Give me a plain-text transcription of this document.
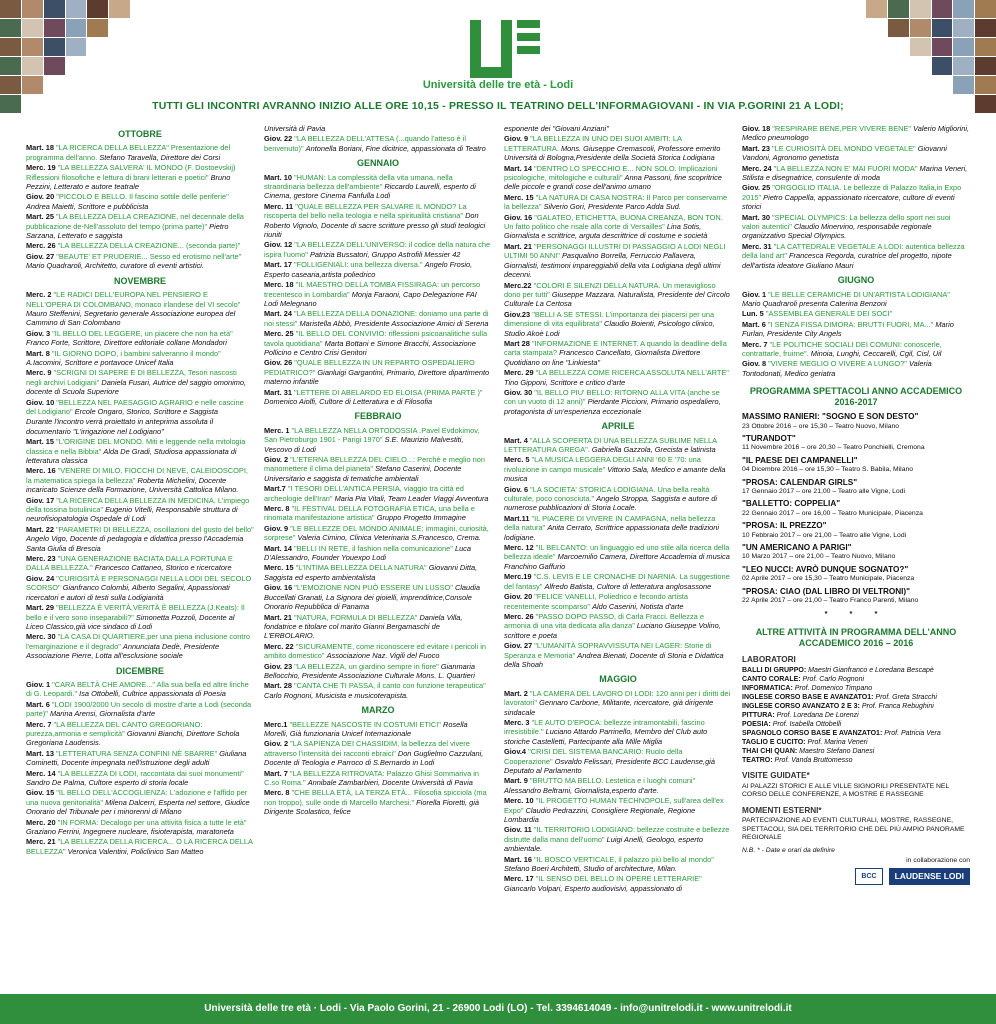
Università delle tre età - Lodi
TUTTI GLI INCONTRI AVRANNO INIZIO ALLE ORE 10,15 - PRESSO IL TEATRINO DELL'INFORMAGIOVANI - IN VIA P.GORINI 21 A LODI;
OTTOBRE
Mart. 18 "LA RICERCA DELLA BELLEZZA" Presentazione del programma dell'anno. Stefano Taravella, Direttore dei Corsi
Merc. 19 "LA BELLEZZA SALVERA' IL MONDO (F. Dostoevskij) Riflessioni filosofiche e lettura di brani letterari e poetici" Bruno Pezzini, Letterato e autore teatrale
Giov. 20 "PICCOLO E BELLO. Il fascino sottile delle periferie" Andrea Maietti, Scrittore e pubblicista
Mart. 25 "LA BELLEZZA DELLA CREAZIONE, nel decennale della pubblicazione de-Nell'assoluto del tempo (prima parte)" Pietro Sarzana, Letterato e saggista
Merc. 26 "LA BELLEZZA DELLA CREAZIONE... (seconda parte)"
Giov. 27 "BEAUTE' ET PRUDERIE... Sesso ed erotismo nell'arte" Mario Quadraroli, Architetto, curatore di eventi artistici.
NOVEMBRE
Merc. 2 "LE RADICI DELL'EUROPA NEL PENSIERO E NELL'OPERA DI COLOMBANO, monaco irlandese del VI secolo" Mauro Steffenini, Segretario generale Associazione europea del Cammino di San Colombano
Giov. 3 "IL BELLO DEL LEGGERE, un piacere che non ha età" Franco Forte, Scrittore, Direttore editoriale collane Mondadori
Mart. 8 "IL GIORNO DOPO, i bambini salveranno il mondo" A.Iacomini, Scrittore e portavoce Unicef Italia
Merc. 9 "SCRIGNI DI SAPERE E DI BELLEZZA, Tesori nascosti negli archivi Lodigiani" Daniela Fusari, Autrice del saggio omonimo, docente di Scuola Superiore
Giov. 10 "BELLEZZA NEL PAESAGGIO AGRARIO e nelle cascine del Lodigiano" Ercole Ongaro, Storico, Scrittore e Saggista
Durante l'incontro verrà proiettato in anteprima assoluta il documentario "L'irrigazione nel Lodigiano"
Mart. 15 "L'ORIGINE DEL MONDO. Miti e leggende nella mitologia classica e nella Bibbia" Alda De Gradi, Studiosa appassionata di letteratura classica
Merc. 16 "VENERE DI MILO, FIOCCHI DI NEVE, CALEIDOSCOPI, la matematica spiega la bellezza" Roberta Michelini, Docente incaricato Scienze della Formazione, Università Cattolica Milano.
Giov. 17 "LA RICERCA DELLA BELLEZZA IN MEDICINA. L'impiego della tossina botulinica" Eugenio Vitelli, Responsabile struttura di neurofisiopatologia Ospedale di Lodi
Mart. 22 "PARAMETRI DI BELLEZZA, oscillazioni del gusto del bello" Angelo Vigo, Docente di pedagogia e didattica presso l'Accademia Santa Giulia di Brescia
Merc. 23 "UNA GENERAZIONE BACIATA DALLA FORTUNA E DALLA BELLEZZA." Francesco Cattaneo, Storico e ricercatore
Giov. 24 "CURIOSITÀ E PERSONAGGI NELLA LODI DEL SECOLO SCORSO" Gianfranco Colombi, Alberto Segalini, Appassionati ricercatori e autori di testi sulla Lodigianità
Mart. 29 "BELLEZZA È VERITÀ,VERITÀ È BELLEZZA (J.Keats): Il bello e il vero sono inseparabili?" Simonetta Pozzoli, Docente al Liceo Classico,già vice sindaco di Lodi
Merc. 30 "LA CASA DI QUARTIERE,per una piena inclusione contro l'emarginazione e il degrado" Annunciata Dedè, Presidente Associazione Pierre, Lotta all'esclusione sociale
DICEMBRE
Giov. 1 "CARA BELTÀ CHE AMORE..." Alla sua bella ed altre liriche di G. Leopardi." Isa Ottobelli, Cultrice appassionata di Poesia
Mart. 6 "LODI 1900/2000 Un secolo di mostre d'arte a Lodi (seconda parte)" Marina Arensi, Giornalista d'arte
Merc. 7 "LA BELLEZZA DEL CANTO GREGORIANO: purezza,armonia e semplicità" Giovanni Bianchi, Direttore Schola Gregoriana Laudensis.
Mart. 13 "LETTERATURA SENZA CONFINI NÈ SBARRE" Giuliana Cominetti, Docente impegnata nell'istruzione degli adulti
Merc. 14 "LA BELLEZZA DI LODI, raccontata dai suoi monumenti" Sandro De Palma, Cultore esperto di storia locale
Giov. 15 "IL BELLO DELL'ACCOGLIENZA: L'adozione e l'affido per una nuova genitorialità" Milena Dalcerri, Esperta nel settore, Giudice Onorario del Tribunale per i minorenni di Milano
Merc. 20 "IN FORMA: Decalogo per una attività fisica a tutte le età" Graziano Ferrini, Ingegnere nucleare, fisioterapista, maratoneta
Merc. 21 "LA BELLEZZA DELLA RICERCA... O LA RICERCA DELLA BELLEZZA" Veronica Valentini, Policlinico San Matteo
Università di Pavia
Giov. 22 "LA BELLEZZA DELL'ATTESA (...quando l'atteso è il benvenuto)" Antonella Boriani, Fine dicitrice, appassionata di Teatro
GENNAIO
Mart. 10 "HUMAN: La complessità della vita umana, nella straordinaria bellezza dell'ambiente" Riccardo Laurelli, esperto di Cinema, gestore Cinema Fanfulla Lodi
Merc. 11 "QUALE BELLEZZA PER SALVARE IL MONDO? La riscoperta del bello nella teologia e nella spiritualità cristiana" Don Roberto Vignolo, Docente di sacre scritture presso gli studi teologici riuniti
Giov. 12 "LA BELLEZZA DELL'UNIVERSO: il codice della natura che ispira l'uomo" Patrizia Bussatori, Gruppo Astrofili Messier 42
Mart. 17 "FOLLIGENIALI: una bellezza diversa." Angelo Frosio, Esperto casearia,artista poliedrico
Merc. 18 "IL MAESTRO DELLA TOMBA FISSIRAGA: un percorso trecentesco in Lombardia" Monja Faraoni, Capo Delegazione FAI Lodi Melegnano
Mart. 24 "LA BELLEZZA DELLA DONAZIONE: doniamo una parte di noi stessi" Maristella Abbò, Presidente Associazione Amici di Serena
Merc. 25 "IL BELLO DEL CONVIVIO: riflessioni psicoanalitiche sulla tavola quotidiana" Marta Bottani e Simone Bracchi, Associazione Pollicino e Centro Crisi Genitori
Giov. 26 "QUALE BELLEZZA IN UN REPARTO OSPEDALIERO PEDIATRICO?" Gianluigi Gargantini, Primario, Direttore dipartimento materno infantile
Mart. 31 "LETTERE DI ABELARDO ED ELOISA (PRIMA PARTE )" Domenico Aiolfi, Cultore di Letteratura e di Filosofia
FEBBRAIO
Merc. 1 "LA BELLEZZA NELLA ORTODOSSIA .Pavel Evdokimov, San Pietroburgo 1901 - Parigi 1970" S.E. Maurizio Malvestiti, Vescovo di Lodi
Giov. 2 "L'ETERNA BELLEZZA DEL CIELO...: Perchè e meglio non manomettere il clima del pianeta" Stefano Caserini, Docente Universitario e saggista di tematiche ambientali
Mart.7 "I TESORI DELL'ANTICA PERSIA, viaggio tra città ed archeologie dell'Iran" Maria Pia Vitali, Team Leader Viaggi Avventura
Merc. 8 "IL FESTIVAL DELLA FOTOGRAFIA ETICA, una bella e rinomata manifestazione artistica" Gruppo Progetto Immagine
Giov. 9 "LE BELLEZZE DEL MONDO ANIMALE: immagini, curiosità, sorprese" Valeria Cimino, Clinica Veterinaria S.Francesco, Crema.
Mart. 14 "BELLI IN RETE, il fashion nella comunicazione" Luca D'Alessandro, Founder Youexpo Lodi
Merc. 15 "L'INTIMA BELLEZZA DELLA NATURA" Giovanni Ditta, Saggista ed esperto ambientalista
Giov. 16 "L'EMOZIONE NON PUÒ ESSERE UN LUSSO" Claudia Buccellati Granati, La Signora dei gioielli, imprenditrice,Console Onorario Repubblica di Panama
Mart. 21 "NATURA, FORMULA DI BELLEZZA" Daniela Villa, fondatrice e titolare col marito Gianni Bergamaschi de L'ERBOLARIO.
Merc. 22 "SICURAMENTE, come riconoscere ed evitare i pericoli in ambito domestico" Associazione Naz. Vigili del Fuoco
Giov. 23 "LA BELLEZZA, un giardino sempre in fiore" Gianmaria Bellocchio, Presidente Associazione Culturale Mons. L. Quartieri
Mart. 28 "CANTA CHE TI PASSA, il canto con funzione terapeutica" Carlo Rognoni, Musicista e musicoterapista.
MARZO
Merc.1 "BELLEZZE NASCOSTE IN COSTUMI ETICI" Rosella Morelli, Già funzionaria Unicef Internazionale
Giov. 2 "LA SAPIENZA DEI CHASSIDIM, la bellezza del vivere attraverso l'intensità dei racconti ebraici" Don Guglielmo Cazzulani, Docente di Teologia e Parroco di S.Bernardo in Lodi
Mart. 7 "LA BELLEZZA RITROVATA: Palazzo Ghisi Sommariva in C.so Roma." Annibale Zambarbieri, Docente Università di Pavia
Merc. 8 "CHE BELLA ETÀ, LA TERZA ETÀ... Filosofia spicciola (ma non troppo), sulle onde di Marcello Marchesi." Fiorella Fioretti, già Dirigente Scolastico, felice
esponente dei "Giovani Anziani"
Giov. 9 "LA BELLEZZA IN UNO DEI SUOI AMBITI: LA LETTERATURA. Mons. Giuseppe Cremascoli, Professore emerito Università di Bologna,Presidente della Società Storica Lodigiana
Mart. 14 "DENTRO LO SPECCHIO E... NON SOLO. Implicazioni psicologiche, mitologiche e culturali" Anna Passoni, fine scopritrice delle piccole e grandi cose dell'animo umano
Merc. 15 "LA NATURA DI CASA NOSTRA: Il Parco per conservarne la bellezza" Silverio Gori, Presidente Parco Adda Sud.
Giov. 16 "GALATEO, ETICHETTA, BUONA CREANZA, BON TON. Un fatto politico che risale alla corte di Versailles" Lina Sotis, Giornalista e scrittrice, arguta descrittrice di costume e società
Mart. 21 "PERSONAGGI ILLUSTRI DI PASSAGGIO A LODI NEGLI ULTIMI 50 ANNI" Pasqualino Borrella, Ferruccio Pallavera, Giornalisti, testimoni impareggiabili della vita Lodigiana degli ultimi decenni.
Merc.22 "COLORI E SILENZI DELLA NATURA. Un meraviglioso dono per tutti" Giuseppe Mazzara. Naturalista, Presidente del Circolo Culturale La Certosa
Giov.23 "BELLI A SE STESSI. L'importanza dei piacersi per una dimensione di vita equilibrata" Claudio Boienti, Psicologo clinico, Studio Akoè Lodi
Mart 28 "INFORMAZIONE E INTERNET. A quando la deadline della carta stampata? Francesco Cancellato, Giornalista Direttore Quotidiano on line "Linkiesta"
Merc. 29 "LA BELLEZZA COME RICERCA ASSOLUTA NELL'ARTE" Tino Gipponi, Scrittore e critico d'arte
Giov. 30 "IL BELLO PIU' BELLO: RITORNO ALLA VITA (anche se con un vuoto di 12 anni)" Pierdante Piccioni, Primario ospedaliero, protagonista di un'esperienza eccezionale
APRILE
Mart. 4 "ALLA SCOPERTA DI UNA BELLEZZA SUBLIME NELLA LETTERATURA GREGA". Gabriella Gazzola, Grecista e latinista
Merc. 5 "LA MUSICA LEGGERA DEGLI ANNI '60 E '70: una rivoluzione in campo musicale" Vittorio Sala, Medico e amante della musica
Giov. 6 "LA SOCIETA' STORICA LODIGIANA. Una bella realtà culturale, poco conosciuta." Angelo Stroppa, Saggista e autore di numerose pubblicazioni di Storia Locale.
Mart.11 "IL PIACERE DI VIVERE IN CAMPAGNA, nella bellezza della natura" Anita Cerrato, Scrittrice appassionata delle tradizioni lodigiane.
Merc. 12 "IL BELCANTO: un linguaggio ed uno stile alla ricerca della bellezza ideale" Marcoemilio Camera, Direttore Accademia di musica Franchino Gaffurio
Merc.19 "C.S. LEVIS E LE CRONACHE DI NARNIA. La suggestione del fantasy" Alfredo Batista, Cultore di letteratura anglosassone
Giov. 20 "FELICE VANELLI, Poliedrico e fecondo artista recentemente scomparso" Aldo Caserini, Notista d'arte
Merc. 26 "PASSO DOPO PASSO, di Carla Fracci. Bellezza e armonia di una vita dedicata alla danza" Luciano Giuseppe Volino, scrittore e poeta
Giov. 27 "L'UMANITÀ SOPRAVVISSUTA NEI LAGER: Storie di Speranza e Memoria" Andrea Bienati, Docente di Storia e Didattica della Shoah
MAGGIO
Mart. 2 "LA CAMERA DEL LAVORO DI LODI: 120 anni per i diritti dei lavoratori" Gennaro Carbone, Militante, ricercatore, già dirigente sindacale
Merc. 3 "LE AUTO D'EPOCA: bellezze intramontabili, fascino irresistibile." Luciano Attardo Parrinello, Membro del Club auto storiche Castelletti, Partecipante alla Mille Miglia
Giov.4 "CRISI DEL SISTEMA BANCARIO: Ruolo della Cooperazione" Osvaldo Felissari, Presidente BCC Laudense,già Deputato al Parlamento
Mart. 9 "BRUTTO MA BELLO. Lestetica e i luoghi comuni" Alessandro Beltrami, Giornalista,esperto d'arte.
Merc. 10 "IL PROGETTO HUMAN TECHNOPOLE, sull'area dell'ex Expo" Claudio Pedrazzini, Consigliere Regionale, Regione Lombardia
Giov. 11 "IL TERRITORIO LODIGIANO: bellezze costruite e bellezze distrutte dalla mano dell'uomo" Luigi Anelli, Geologo, esperto ambientale.
Mart. 16 "IL BOSCO VERTICALE, il palazzo più bello al mondo" Stefano Boeri Architetti, Studio of architecture, Milan.
Merc. 17 "IL SENSO DEL BELLO IN OPERE LETTERARIE" Giancarlo Volpari, Esperto audiovisivi, appassionato di
Giov. 18 "RESPIRARE BENE,PER VIVERE BENE" Valerio Migliorini, Medico pneumologo
Mart. 23 "LE CURIOSITÀ DEL MONDO VEGETALE" Giovanni Vandoni, Agronomo genetista
Merc. 24 "LA BELLEZZA NON E' MAI FUORI MODA" Marina Veneri, Stilista e disegnatrice, consulente di moda
Giov. 25 "ORGOGLIO ITALIA. Le bellezze di Palazzo Italia,in Expo 2015" Pietro Cappella, appassionato ricercatore, cultore di eventi storici
Mart. 30 "SPECIAL OLYMPICS: La bellezza dello sport nei suoi valori autentici" Claudio Minervino, responsabile regionale organizzativo Special Olympics.
Merc. 31 "LA CATTEDRALE VEGETALE A LODI: autentica bellezza della land art" Francesca Regorda, curatrice del progetto, nipote dell'artista ideatore Giuliano Mauri
GIUGNO
Giov. 1 "LE BELLE CERAMICHE DI UN'ARTISTA LODIGIANA" Mario Quadraroli presenta Caterina Benzoni
Lun. 5 "ASSEMBLEA GENERALE DEI SOCI"
Mart. 6 "I SENZA FISSA DIMORA: BRUTTI FUORI, MA..." Mario Furlan, Presidente City Angels
Merc. 7 "LE POLITICHE SOCIALI DEI COMUNI: conoscerle, contrattarle, fruirne". Minoia, Lunghi, Ceccarelli, Cgil, Cisl, Uil
Giov. 8 "VIVERE MEGLIO O VIVERE A LUNGO?" Valeria Tontodonati, Medico geriatra
PROGRAMMA SPETTACOLI ANNO ACCADEMICO 2016-2017
MASSIMO RANIERI: "SOGNO E SON DESTO"
23 Ottobre 2016 – ore 15,30 – Teatro Nuovo, Milano
"TURANDOT"
11 Novembre 2016 – ore 20,30 – Teatro Ponchielli, Cremona
"IL PAESE DEI CAMPANELLI"
04 Dicembre 2016 – ore 15,30 – Teatro S. Babila, Milano
"PROSA: CALENDAR GIRLS"
17 Gennaio 2017 – ore 21,00 – Teatro alle Vigne, Lodi
"BALLETTO: COPPELIA"
22 Gennaio 2017 – ore 16,00 – Teatro Municipale, Piacenza
"PROSA: IL PREZZO"
10 Febbraio 2017 – ore 21,00 – Teatro alle Vigne, Lodi
"UN AMERICANO A PARIGI"
10 Marzo 2017 – ore 21,00 – Teatro Nuovo, Milano
"LEO NUCCI: AVRÒ DUNQUE SOGNATO?"
02 Aprile 2017 – ore 15,30 – Teatro Municipale, Piacenza
"PROSA: CIAO (DAL LIBRO DI VELTRONI)"
22 Aprile 2017 – ore 21,00 – Teatro Franco Parenti, Milano
* * *
ALTRE ATTIVITÀ IN PROGRAMMA DELL'ANNO ACCADEMICO 2016 – 2016
LABORATORI
BALLI DI GRUPPO: Maestri Gianfranco e Loredana Bescapè
CANTO CORALE: Prof. Carlo Rognoni
INFORMATICA: Prof. Domenico Timpano
INGLESE CORSO BASE E AVANZATO1: Prof. Greta Stracchi
INGLESE CORSO AVANZATO 2 E 3: Prof. Franca Rebughini
PITTURA: Prof. Loredana De Lorenzi
POESIA: Prof. Isabella Ottobelli
SPAGNOLO CORSO BASE E AVANZATO1: Prof. Patricia Vera
TAGLIO E CUCITO: Prof. Marina Veneri
THAI CHI QUAN: Maestro Stefano Danesi
TEATRO: Prof. Vanda Bruttomesso
VISITE GUIDATE*
AI PALAZZI STORICI E ALLE VILLE SIGNORILI PRESENTATE NEL CORSO DELLE CONFERENZE, A MOSTRE E RASSEGNE
MOMENTI ESTERNI*
PARTECIPAZIONE AD EVENTI CULTURALI, MOSTRE, RASSEGNE, SPETTACOLI, SIA DEL TERRITORIO CHE DEL PIÙ AMPIO PANORAME REGIONALE
N.B. * - Date e orari da definire
in collaborazione con
BCC	LAUDENSE LODI
Università delle tre età · Lodi - Via Paolo Gorini, 21 - 26900 Lodi (LO) - Tel. 3394614049 - info@unitrelodi.it - www.unitrelodi.it
